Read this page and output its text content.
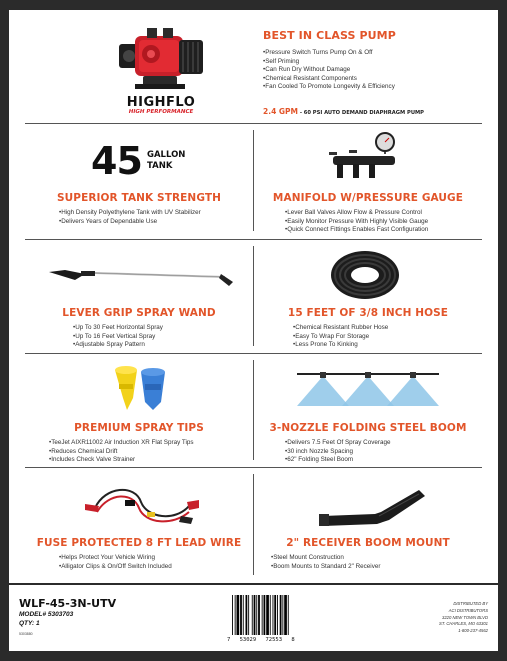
HIGHFLO
HIGH PERFORMANCE
BEST IN CLASS PUMP
• Pressure Switch Turns Pump On & Off
• Self Priming
• Can Run Dry Without Damage
• Chemical Resistant Components
• Fan Cooled To Promote Longevity & Efficiency
2.4 GPM - 60 PSI AUTO DEMAND DIAPHRAGM PUMP
45 GALLON
TANK
SUPERIOR TANK STRENGTH
• High Density Polyethylene Tank with UV Stabilizer
• Delivers Years of Dependable Use
MANIFOLD W/PRESSURE GAUGE
• Lever Ball Valves Allow Flow & Pressure Control
• Easily Monitor Pressure With Highly Visible Gauge
• Quick Connect Fittings Enables Fast Configuration
LEVER GRIP SPRAY WAND
• Up To 30 Feet Horizontal Spray
• Up To 16 Feet Vertical Spray
• Adjustable Spray Pattern
15 FEET OF 3/8 INCH HOSE
• Chemical Resistant Rubber Hose
• Easy To Wrap For Storage
• Less Prone To Kinking
PREMIUM SPRAY TIPS
• TeeJet AIXR11002 Air Induction XR Flat Spray Tips
• Reduces Chemical Drift
• Includes Check Valve Strainer
3-NOZZLE FOLDING STEEL BOOM
• Delivers 7.5 Feet Of Spray Coverage
• 30 inch Nozzle Spacing
• 62" Folding Steel Boom
FUSE PROTECTED 8 FT LEAD WIRE
• Helps Protect Your Vehicle Wiring
• Alligator Clips & On/Off Switch Included
2" RECEIVER BOOM MOUNT
• Steel Mount Construction
• Boom Mounts to Standard 2" Receiver
WLF-45-3N-UTV
MODEL# 5303703
QTY: 1
5303880
7 53029 72553 8
DISTRIBUTED BY
ACI DISTRIBUTORS
3220 NEW TOWN BLVD
ST. CHARLES, MO 63301
1-800-237-4562
